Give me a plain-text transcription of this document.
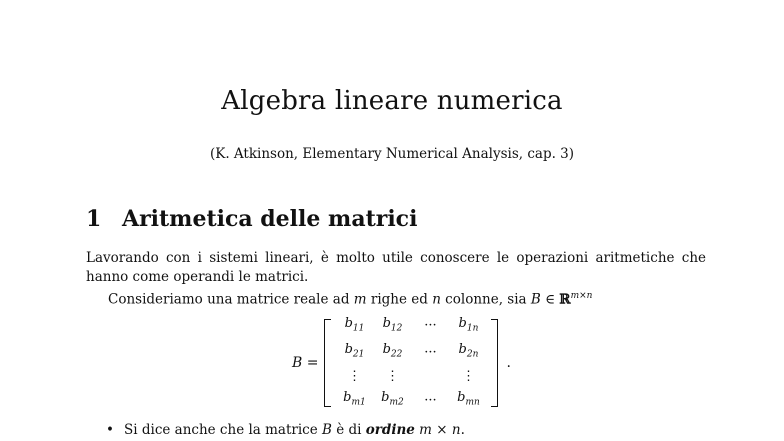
Algebra lineare numerica

(K. Atkinson, Elementary Numerical Analysis, cap. 3)

1 Aritmetica delle matrici

Lavorando con i sistemi lineari, è molto utile conoscere le operazioni aritmetiche che hanno come operandi le matrici.

Consideriamo una matrice reale ad m righe ed n colonne, sia B ∈ ℝ$^{m\times n}$

B =
$b_{11}$	$b_{12}$	···	$b_{1n}$
$b_{21}$	$b_{22}$	···	$b_{2n}$
⋮	⋮		⋮
$b_{m1}$	$b_{m2}$	···	$b_{mn}$
.

• Si dice anche che la matrice B è di ordine m × n.
